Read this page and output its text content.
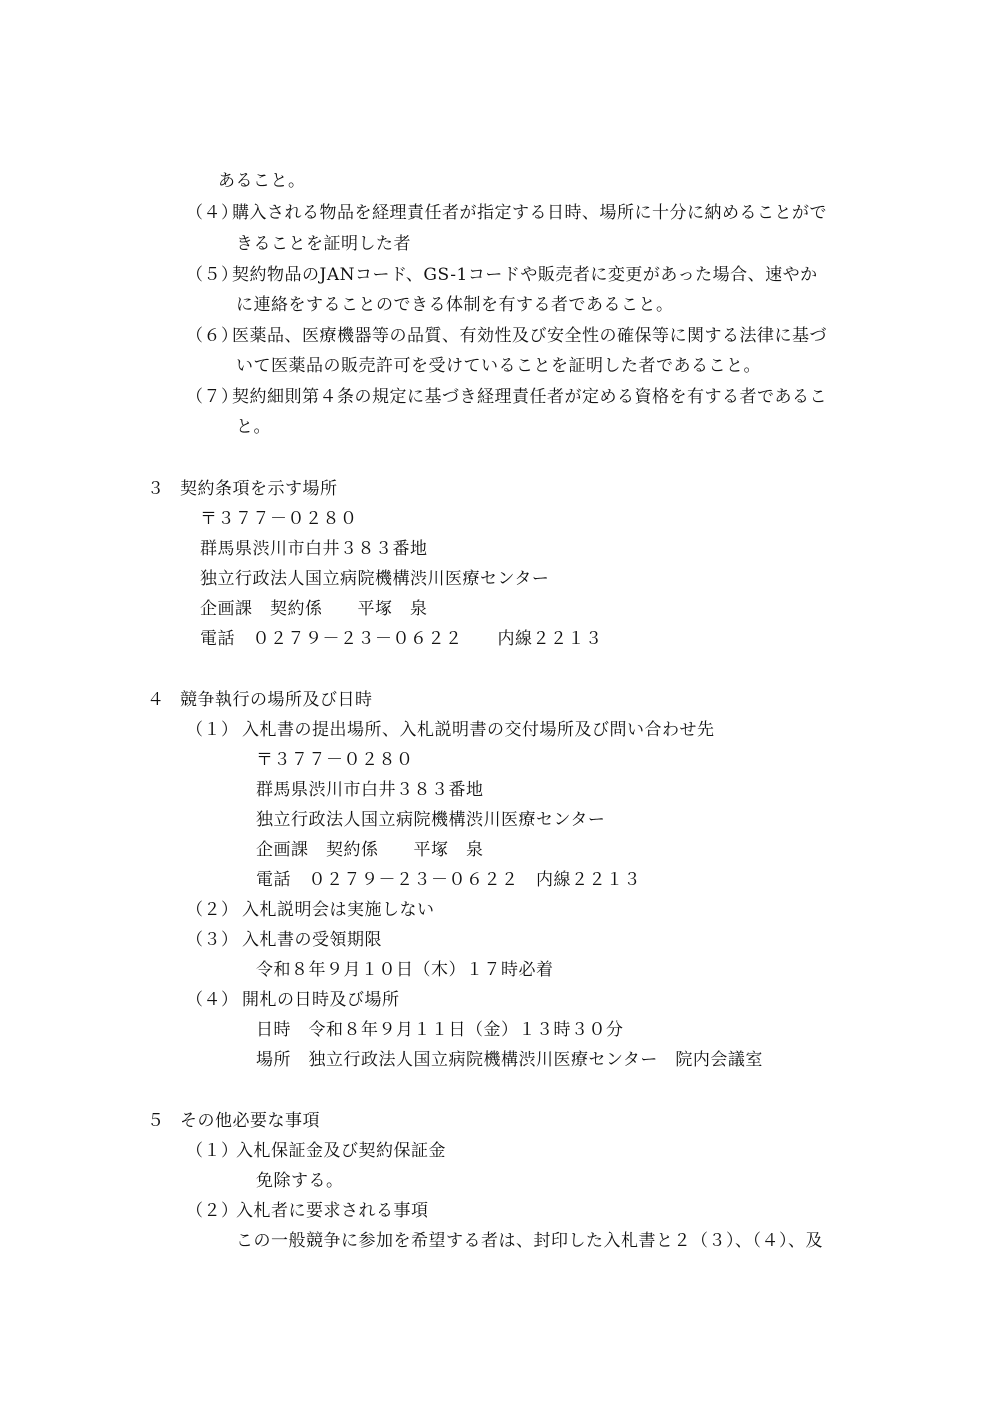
あること。
（４）
購入される物品を経理責任者が指定する日時、場所に十分に納めることがで
きることを証明した者
（５）
契約物品のJANコード、GS-1コードや販売者に変更があった場合、速やか
に連絡をすることのできる体制を有する者であること。
（６）
医薬品、医療機器等の品質、有効性及び安全性の確保等に関する法律に基づ
いて医薬品の販売許可を受けていることを証明した者であること。
（７）
契約細則第４条の規定に基づき経理責任者が定める資格を有する者であるこ
と。
３ 契約条項を示す場所
〒３７７－０２８０
群馬県渋川市白井３８３番地
独立行政法人国立病院機構渋川医療センター
企画課　契約係　　平塚　泉
電話　０２７９－２３－０６２２　　内線２２１３
４ 競争執行の場所及び日時
（１） 入札書の提出場所、入札説明書の交付場所及び問い合わせ先
〒３７７－０２８０
群馬県渋川市白井３８３番地
独立行政法人国立病院機構渋川医療センター
企画課　契約係　　平塚　泉
電話　０２７９－２３－０６２２　内線２２１３
（２） 入札説明会は実施しない
（３） 入札書の受領期限
令和８年９月１０日（木）１７時必着
（４） 開札の日時及び場所
日時　令和８年９月１１日（金）１３時３０分
場所　独立行政法人国立病院機構渋川医療センター　院内会議室
５ その他必要な事項
（１）
入札保証金及び契約保証金
免除する。
（２）
入札者に要求される事項
この一般競争に参加を希望する者は、封印した入札書と２（３）、（４）、及
